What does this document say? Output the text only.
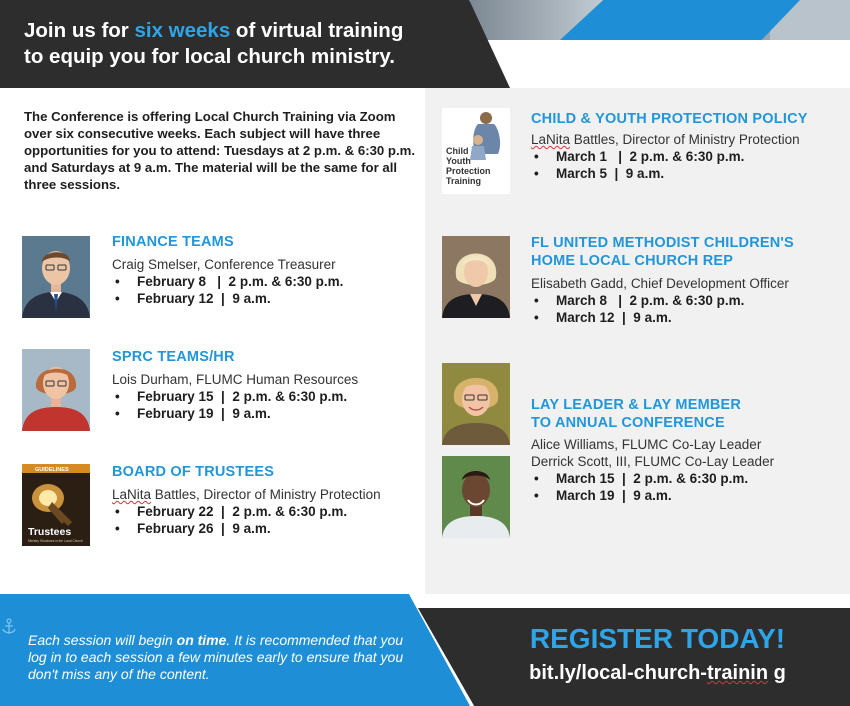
Join us for six weeks of virtual training
to equip you for local church ministry.

The Conference is offering Local Church Training via Zoom over six consecutive weeks. Each subject will have three opportunities for you to attend: Tuesdays at 2 p.m. & 6:30 p.m. and Saturdays at 9 a.m. The material will be the same for all three sessions.

FINANCE TEAMS
Craig Smelser, Conference Treasurer
• February 8   |  2 p.m. & 6:30 p.m.
• February 12  |  9 a.m.
SPRC TEAMS/HR
Lois Durham, FLUMC Human Resources
• February 15  |  2 p.m. & 6:30 p.m.
• February 19  |  9 a.m.
GUIDELINES
Trustees
Ministry Structures in the Local Church
BOARD OF TRUSTEES
LaNita Battles, Director of Ministry Protection
• February 22  |  2 p.m. & 6:30 p.m.
• February 26  |  9 a.m.
Child
Youth
Protection
Training
CHILD & YOUTH PROTECTION POLICY
LaNita Battles, Director of Ministry Protection
• March 1   |  2 p.m. & 6:30 p.m.
• March 5  |  9 a.m.
FL UNITED METHODIST CHILDREN'S
HOME LOCAL CHURCH REP
Elisabeth Gadd, Chief Development Officer
• March 8   |  2 p.m. & 6:30 p.m.
• March 12  |  9 a.m.
LAY LEADER & LAY MEMBER
TO ANNUAL CONFERENCE
Alice Williams, FLUMC Co-Lay Leader
Derrick Scott, III, FLUMC Co-Lay Leader
• March 15  |  2 p.m. & 6:30 p.m.
• March 19  |  9 a.m.

Each session will begin on time. It is recommended that you log in to each session a few minutes early to ensure that you don't miss any of the content.

REGISTER TODAY!
bit.ly/local-church-trainin g
